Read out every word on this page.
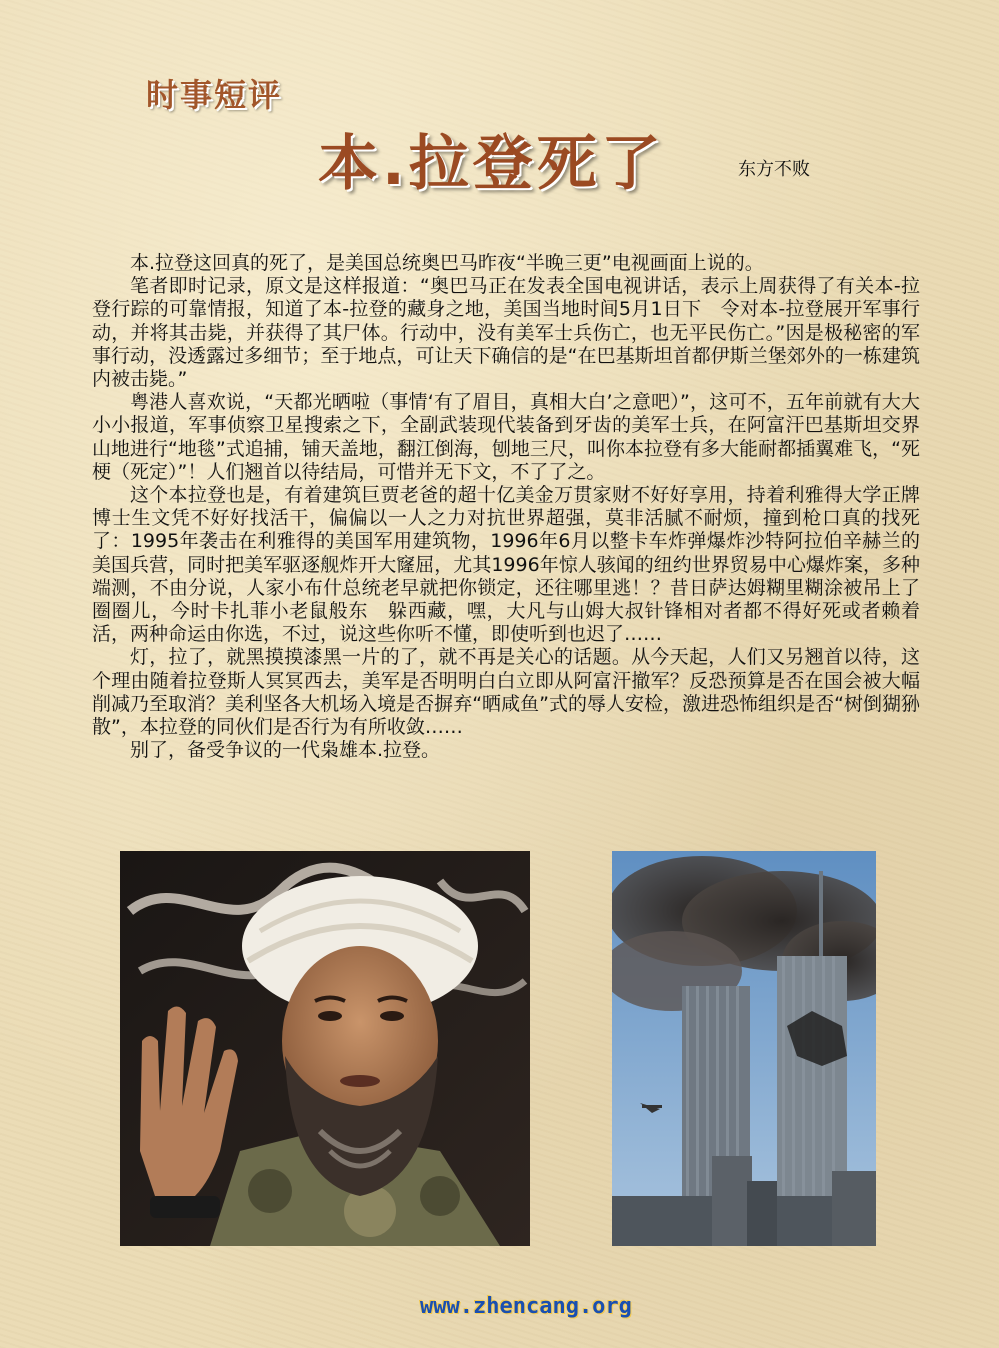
时事短评
本.拉登死了	东方不败

本.拉登这回真的死了，是美国总统奥巴马昨夜“半晚三更”电视画面上说的。

笔者即时记录，原文是这样报道：“奥巴马正在发表全国电视讲话，表示上周获得了有关本-拉登行踪的可靠情报，知道了本-拉登的藏身之地，美国当地时间5月1日下　令对本-拉登展开军事行动，并将其击毙，并获得了其尸体。行动中，没有美军士兵伤亡，也无平民伤亡。”因是极秘密的军事行动，没透露过多细节；至于地点，可让天下确信的是“在巴基斯坦首都伊斯兰堡郊外的一栋建筑内被击毙。”

粤港人喜欢说，“天都光晒啦（事情‘有了眉目，真相大白’之意吧）”，这可不，五年前就有大大小小报道，军事侦察卫星搜索之下，全副武装现代装备到牙齿的美军士兵，在阿富汗巴基斯坦交界山地进行“地毯”式追捕，铺天盖地，翻江倒海，刨地三尺，叫你本拉登有多大能耐都插翼难飞，“死梗（死定）”！人们翘首以待结局，可惜并无下文，不了了之。

这个本拉登也是，有着建筑巨贾老爸的超十亿美金万贯家财不好好享用，持着利雅得大学正牌博士生文凭不好好找活干，偏偏以一人之力对抗世界超强，莫非活腻不耐烦，撞到枪口真的找死了：1995年袭击在利雅得的美国军用建筑物，1996年6月以整卡车炸弹爆炸沙特阿拉伯辛赫兰的美国兵营，同时把美军驱逐舰炸开大窿屈，尤其1996年惊人骇闻的纽约世界贸易中心爆炸案，多种端测，不由分说，人家小布什总统老早就把你锁定，还往哪里逃！？昔日萨达姆糊里糊涂被吊上了圈圈儿，今时卡扎菲小老鼠般东　躲西藏，嘿，大凡与山姆大叔针锋相对者都不得好死或者赖着活，两种命运由你选，不过，说这些你听不懂，即使听到也迟了……

灯，拉了，就黑摸摸漆黑一片的了，就不再是关心的话题。从今天起，人们又另翘首以待，这个理由随着拉登斯人冥冥西去，美军是否明明白白立即从阿富汗撤军？反恐预算是否在国会被大幅削减乃至取消？美利坚各大机场入境是否摒弃“晒咸鱼”式的辱人安检，激进恐怖组织是否“树倒猢狲散”，本拉登的同伙们是否行为有所收敛……

别了，备受争议的一代枭雄本.拉登。

www.zhencang.org
